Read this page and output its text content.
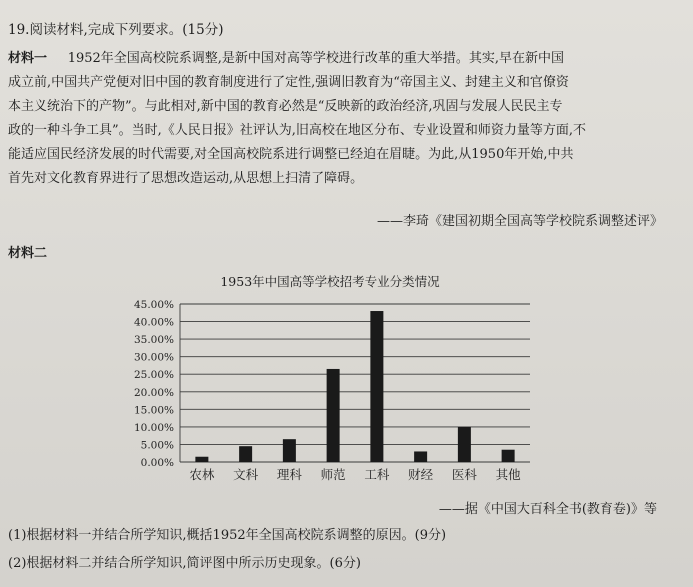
19.阅读材料,完成下列要求。(15分)
材料一 1952年全国高校院系调整,是新中国对高等学校进行改革的重大举措。其实,早在新中国
成立前,中国共产党便对旧中国的教育制度进行了定性,强调旧教育为“帝国主义、封建主义和官僚资
本主义统治下的产物”。与此相对,新中国的教育必然是“反映新的政治经济,巩固与发展人民民主专
政的一种斗争工具”。当时,《人民日报》社评认为,旧高校在地区分布、专业设置和师资力量等方面,不
能适应国民经济发展的时代需要,对全国高校院系进行调整已经迫在眉睫。为此,从1950年开始,中共
首先对文化教育界进行了思想改造运动,从思想上扫清了障碍。
——李琦《建国初期全国高等学校院系调整述评》
材料二
1953年中国高等学校招考专业分类情况
0.00%
5.00%
10.00%
15.00%
20.00%
25.00%
30.00%
35.00%
40.00%
45.00%
农林 文科 理科 师范 工科 财经 医科 其他
——据《中国大百科全书(教育卷)》等
(1)根据材料一并结合所学知识,概括1952年全国高校院系调整的原因。(9分)
(2)根据材料二并结合所学知识,简评图中所示历史现象。(6分)
